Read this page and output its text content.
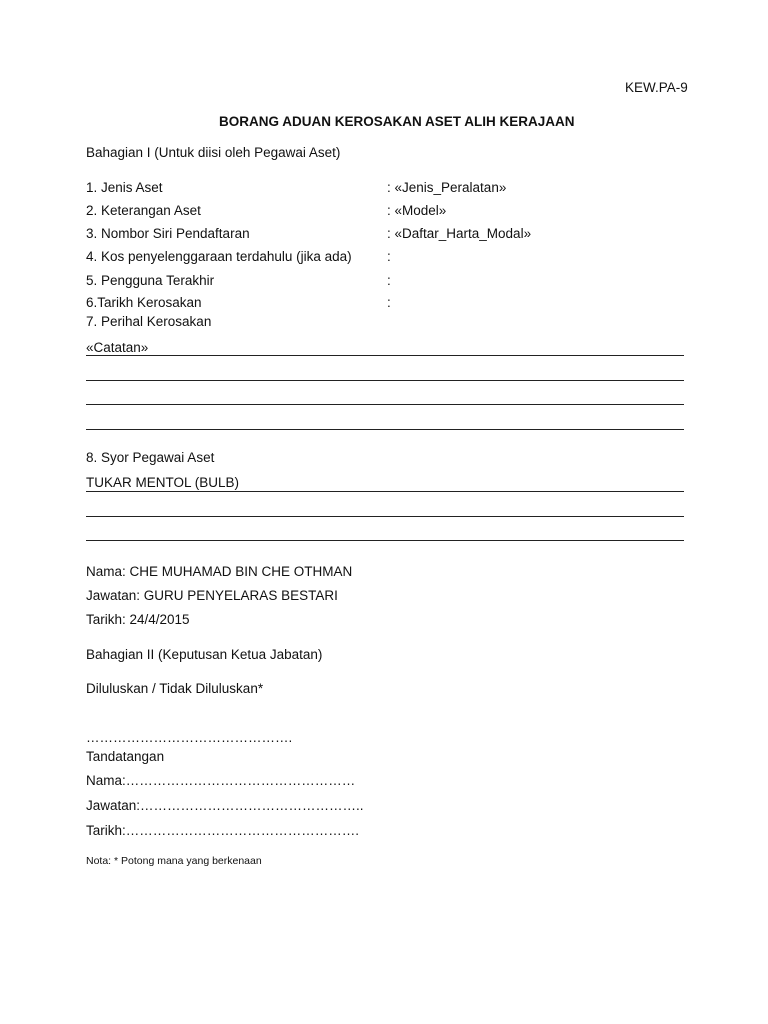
KEW.PA-9
BORANG ADUAN KEROSAKAN ASET ALIH KERAJAAN
Bahagian I (Untuk diisi oleh Pegawai Aset)
1. Jenis Aset	: «Jenis_Peralatan»
2. Keterangan Aset	: «Model»
3. Nombor Siri Pendaftaran	: «Daftar_Harta_Modal»
4. Kos penyelenggaraan terdahulu (jika ada)	:
5. Pengguna Terakhir	:
6.Tarikh Kerosakan	:
7. Perihal Kerosakan
«Catatan»
8. Syor Pegawai Aset
TUKAR MENTOL (BULB)
Nama: CHE MUHAMAD BIN CHE OTHMAN
Jawatan: GURU PENYELARAS BESTARI
Tarikh: 24/4/2015
Bahagian II (Keputusan Ketua Jabatan)
Diluluskan / Tidak Diluluskan*
……………………………………….
Tandatangan
Nama:……………………………………………
Jawatan:…………………………………………..
Tarikh:…………………………………………….
Nota: * Potong mana yang berkenaan
